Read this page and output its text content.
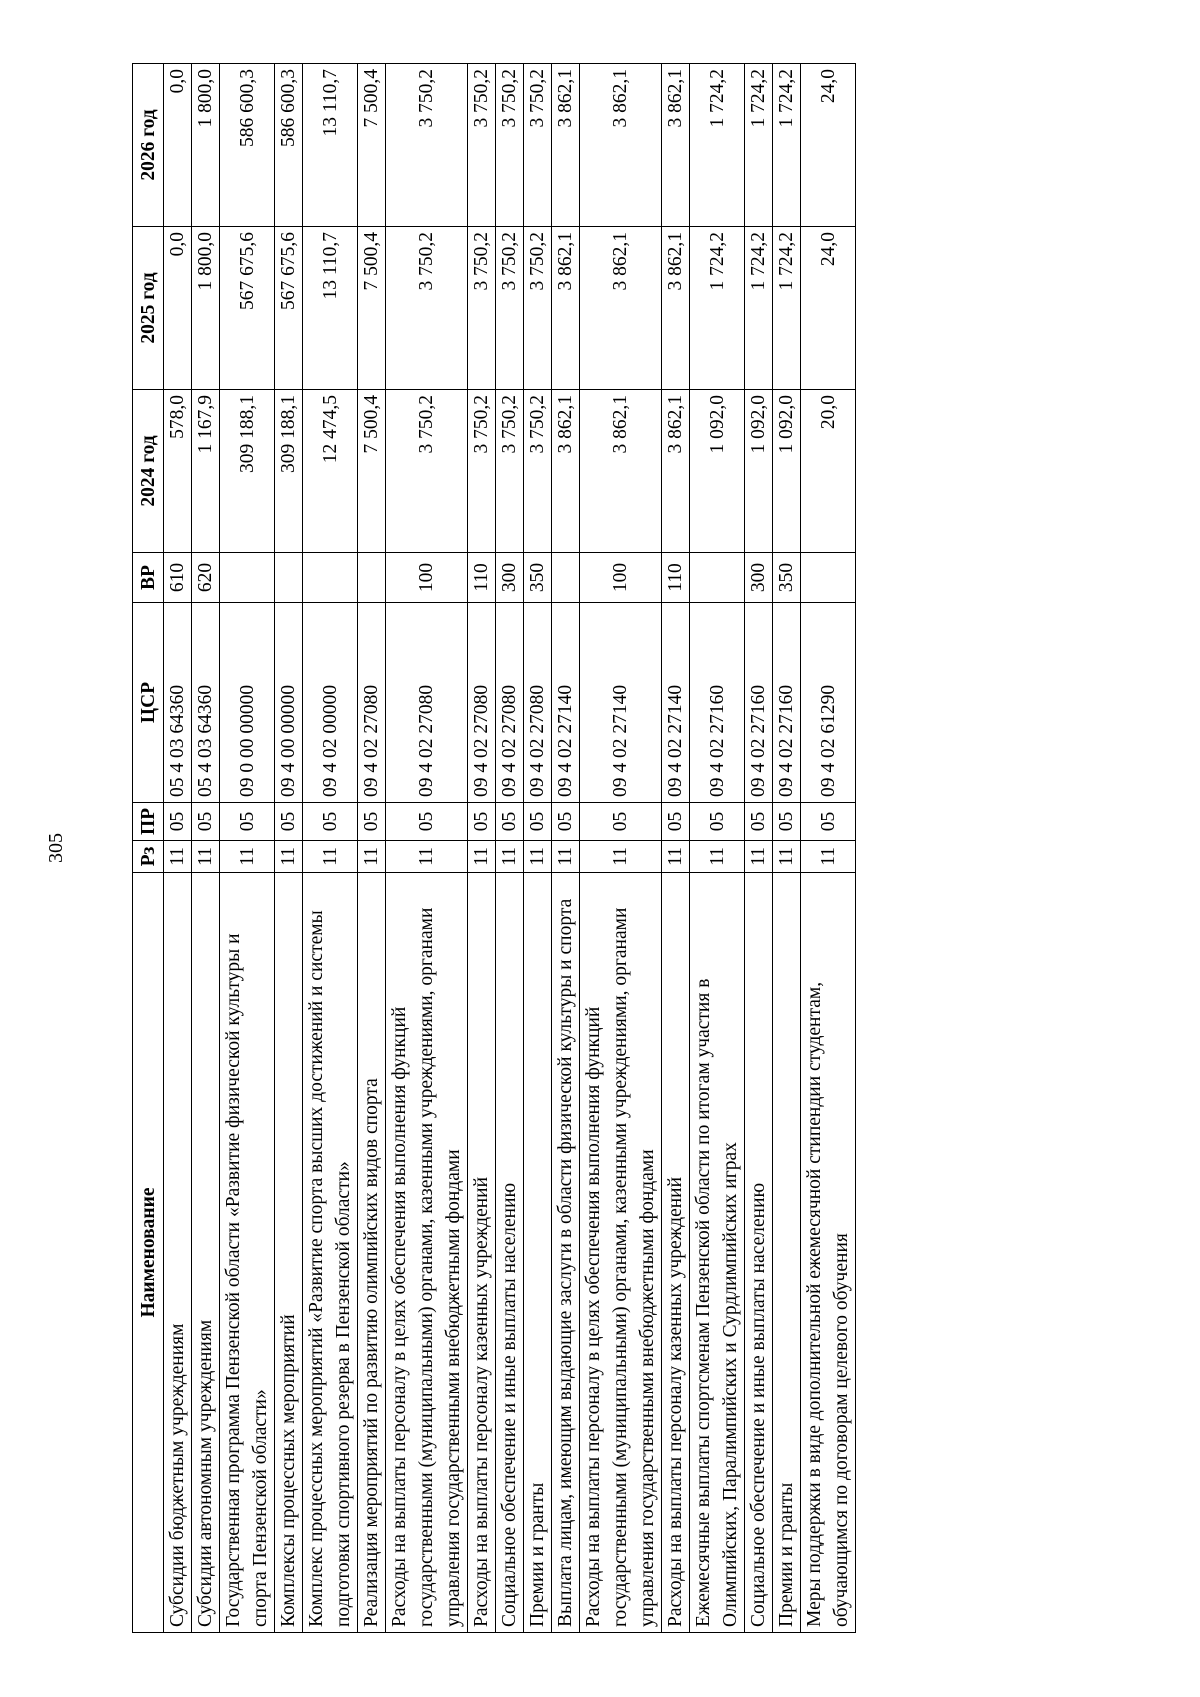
305
Наименование	Рз	ПР	ЦСР	ВР	2024 год	2025 год	2026 год
Субсидии бюджетным учреждениям	11	05	05 4 03 64360	610	578,0	0,0	0,0
Субсидии автономным учреждениям	11	05	05 4 03 64360	620	1 167,9	1 800,0	1 800,0
Государственная программа Пензенской области «Развитие физической культуры и спорта Пензенской области»	11	05	09 0 00 00000		309 188,1	567 675,6	586 600,3
Комплексы процессных мероприятий	11	05	09 4 00 00000		309 188,1	567 675,6	586 600,3
Комплекс процессных мероприятий «Развитие спорта высших достижений и системы подготовки спортивного резерва в Пензенской области»	11	05	09 4 02 00000		12 474,5	13 110,7	13 110,7
Реализация мероприятий по развитию олимпийских видов спорта	11	05	09 4 02 27080		7 500,4	7 500,4	7 500,4
Расходы на выплаты персоналу в целях обеспечения выполнения функций государственными (муниципальными) органами, казенными учреждениями, органами управления государственными внебюджетными фондами	11	05	09 4 02 27080	100	3 750,2	3 750,2	3 750,2
Расходы на выплаты персоналу казенных учреждений	11	05	09 4 02 27080	110	3 750,2	3 750,2	3 750,2
Социальное обеспечение и иные выплаты населению	11	05	09 4 02 27080	300	3 750,2	3 750,2	3 750,2
Премии и гранты	11	05	09 4 02 27080	350	3 750,2	3 750,2	3 750,2
Выплата лицам, имеющим выдающие заслуги в области физической культуры и спорта	11	05	09 4 02 27140		3 862,1	3 862,1	3 862,1
Расходы на выплаты персоналу в целях обеспечения выполнения функций государственными (муниципальными) органами, казенными учреждениями, органами управления государственными внебюджетными фондами	11	05	09 4 02 27140	100	3 862,1	3 862,1	3 862,1
Расходы на выплаты персоналу казенных учреждений	11	05	09 4 02 27140	110	3 862,1	3 862,1	3 862,1
Ежемесячные выплаты спортсменам Пензенской области по итогам участия в Олимпийских, Паралимпийских и Сурдлимпийских играх	11	05	09 4 02 27160		1 092,0	1 724,2	1 724,2
Социальное обеспечение и иные выплаты населению	11	05	09 4 02 27160	300	1 092,0	1 724,2	1 724,2
Премии и гранты	11	05	09 4 02 27160	350	1 092,0	1 724,2	1 724,2
Меры поддержки в виде дополнительной ежемесячной стипендии студентам, обучающимся по договорам целевого обучения	11	05	09 4 02 61290		20,0	24,0	24,0
